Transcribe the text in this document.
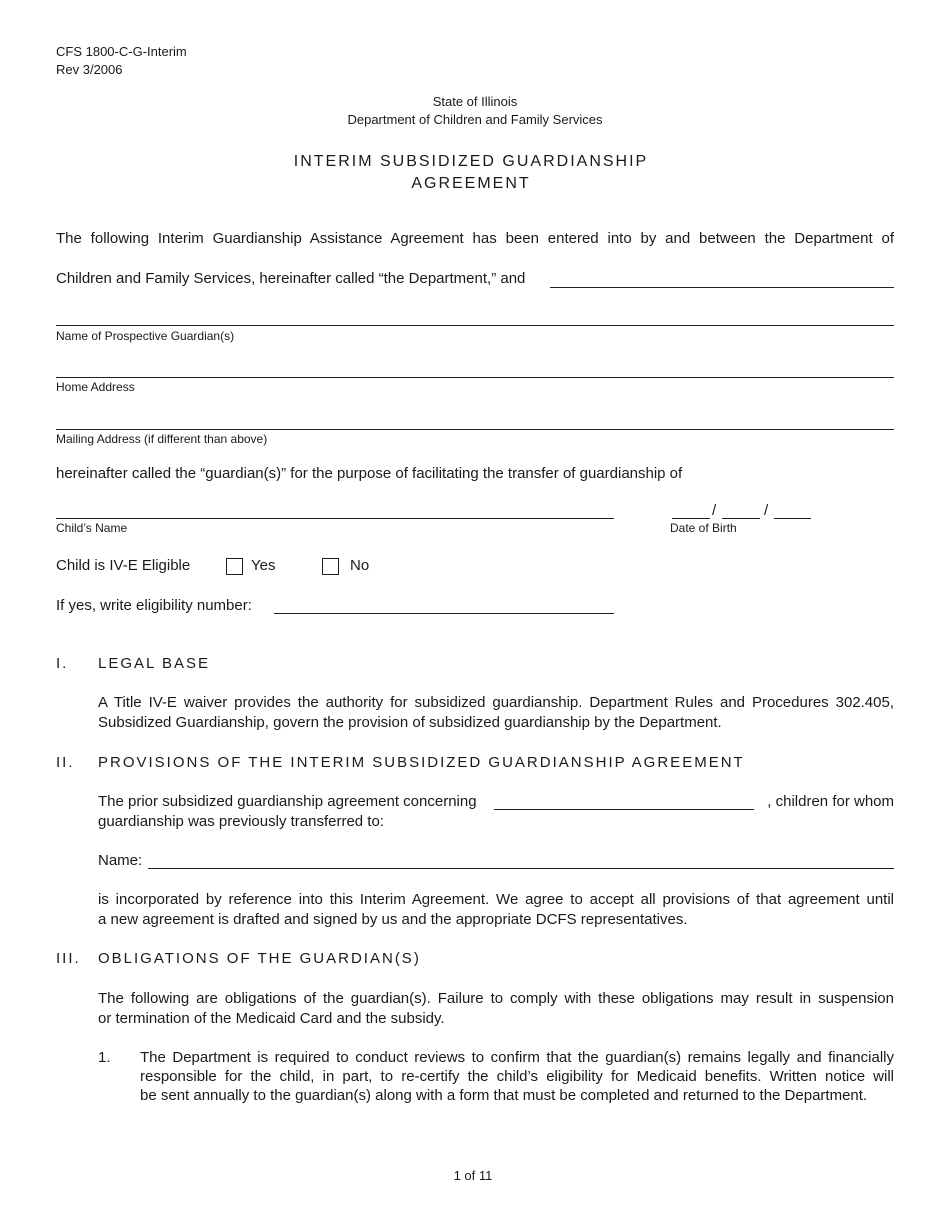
CFS 1800-C-G-Interim
Rev 3/2006
State of Illinois
Department of Children and Family Services
INTERIM SUBSIDIZED GUARDIANSHIP
AGREEMENT
The following Interim Guardianship Assistance Agreement has been entered into by and between the Department of
Children and Family Services, hereinafter called “the Department,” and
Name of Prospective Guardian(s)
Home Address
Mailing Address (if different than above)
hereinafter called the “guardian(s)” for the purpose of facilitating the transfer of guardianship of
Child’s Name
/	/
Date of Birth
Child is IV-E Eligible	Yes	No
If yes, write eligibility number:
I. LEGAL BASE
A Title IV-E waiver provides the authority for subsidized guardianship. Department Rules and Procedures 302.405,
Subsidized Guardianship, govern the provision of subsidized guardianship by the Department.
II. PROVISIONS OF THE INTERIM SUBSIDIZED GUARDIANSHIP AGREEMENT
The prior subsidized guardianship agreement concerning	, children for whom
guardianship was previously transferred to:
Name:
is incorporated by reference into this Interim Agreement. We agree to accept all provisions of that agreement until
a new agreement is drafted and signed by us and the appropriate DCFS representatives.
III. OBLIGATIONS OF THE GUARDIAN(S)
The following are obligations of the guardian(s). Failure to comply with these obligations may result in suspension
or termination of the Medicaid Card and the subsidy.
1. The Department is required to conduct reviews to confirm that the guardian(s) remains legally and financially
responsible for the child, in part, to re-certify the child’s eligibility for Medicaid benefits. Written notice will
be sent annually to the guardian(s) along with a form that must be completed and returned to the Department.
1 of 11
